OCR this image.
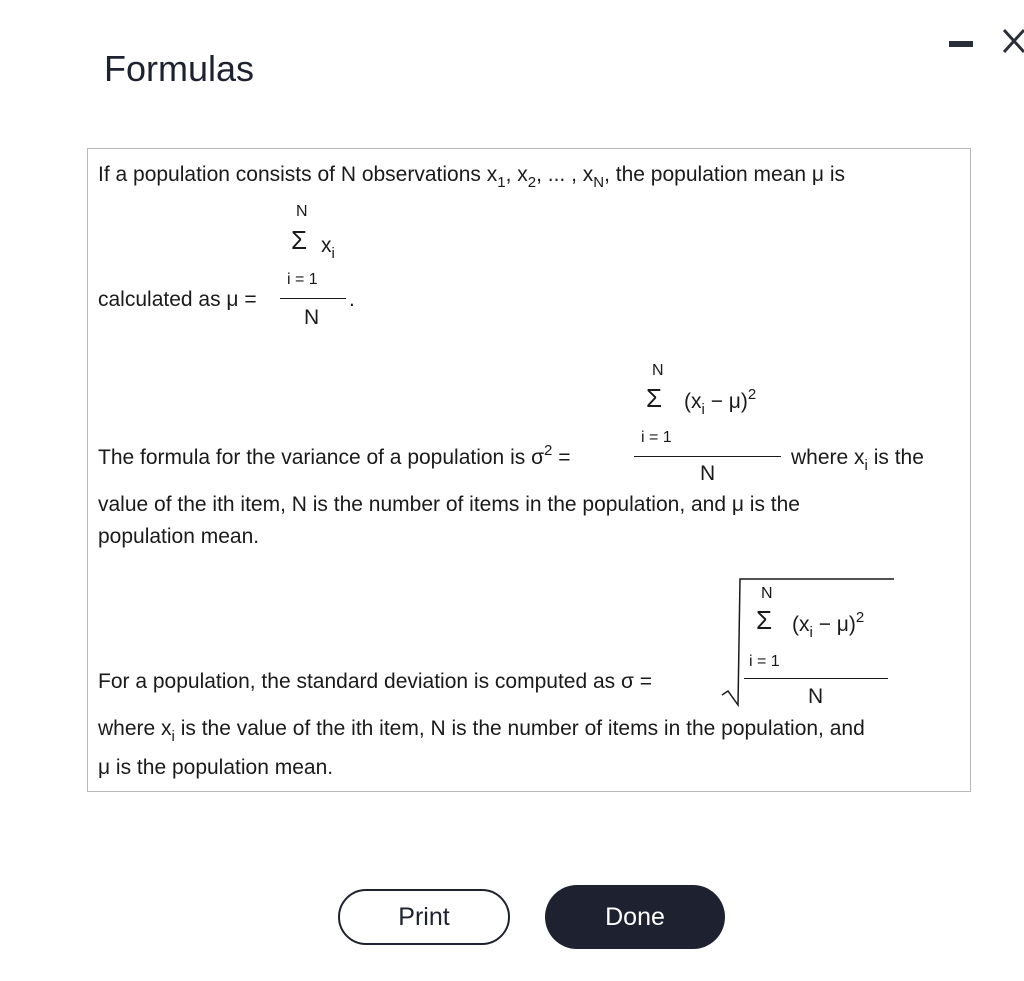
Formulas
If a population consists of N observations $x_1$, $x_2$, ... , $x_N$, the population mean μ is
N
Σ $x_i$
i = 1
calculated as μ =	.
N
N
Σ $(x_i - \mu)^2$
i = 1
The formula for the variance of a population is $\sigma^2$ =	where $x_i$ is the
N
value of the ith item, N is the number of items in the population, and μ is the
population mean.
N
Σ $(x_i - \mu)^2$
i = 1
For a population, the standard deviation is computed as σ =
N
where $x_i$ is the value of the ith item, N is the number of items in the population, and
μ is the population mean.
Print	Done
